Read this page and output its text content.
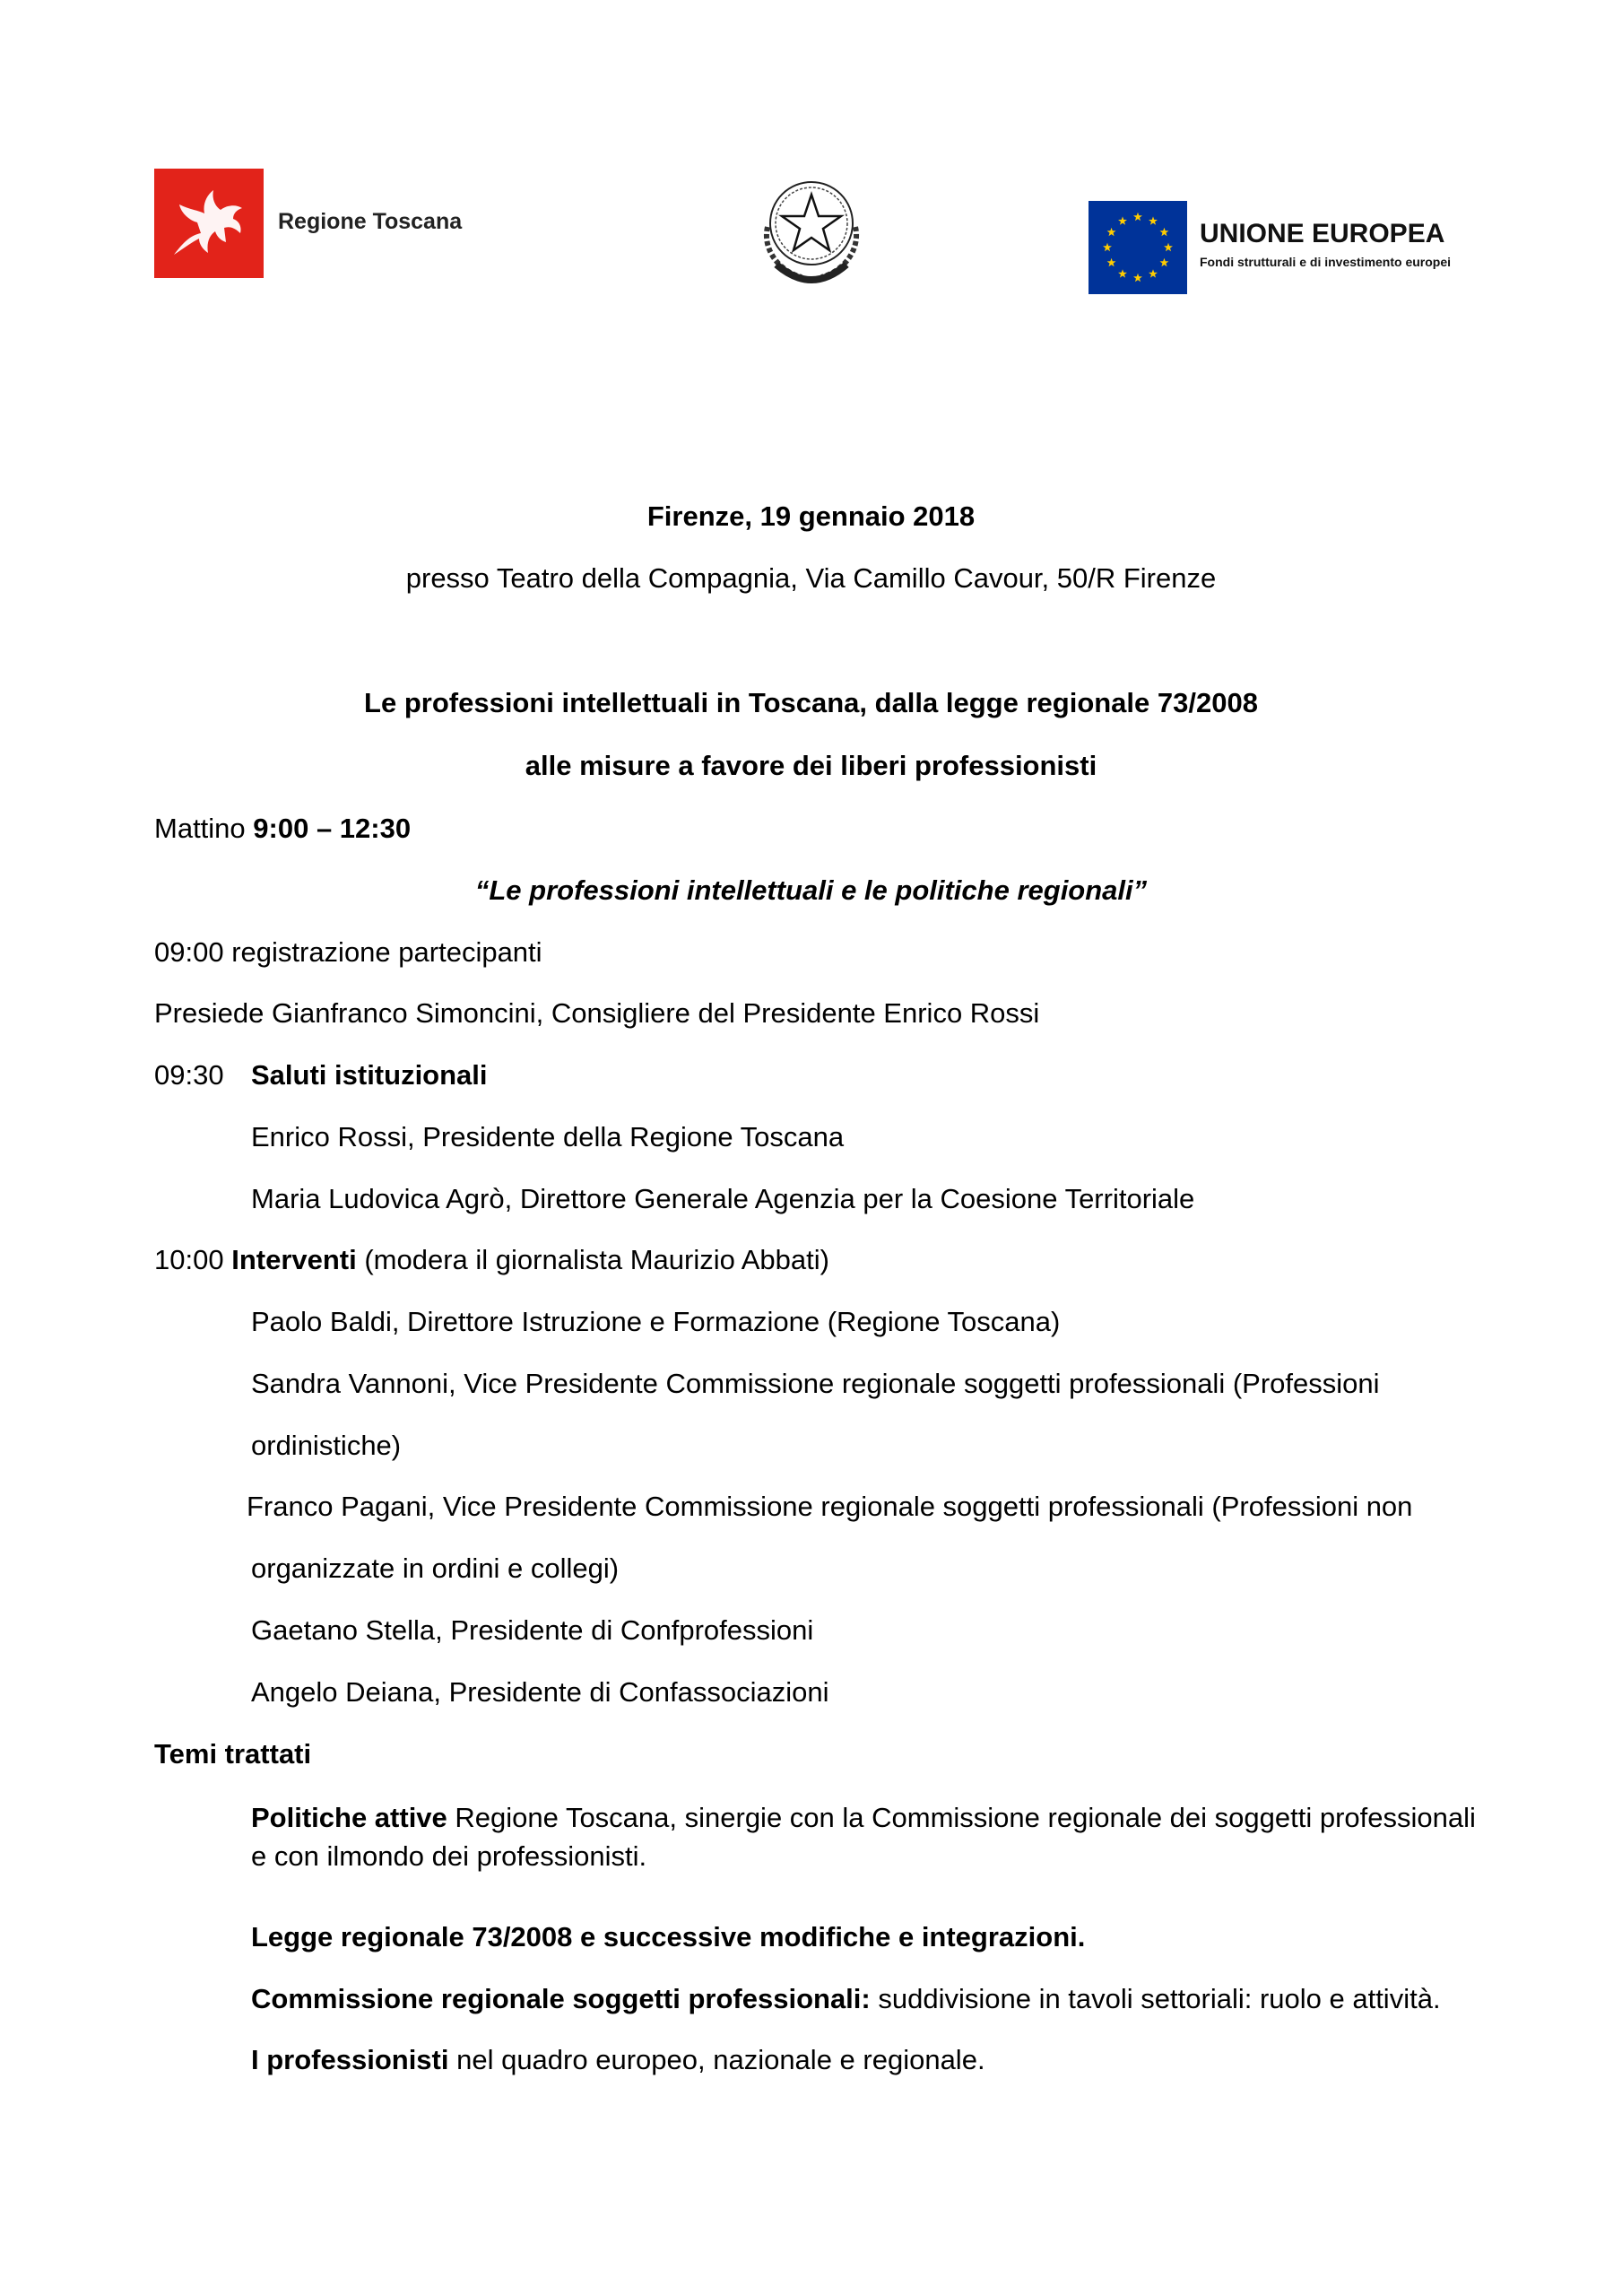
Regione Toscana	UNIONE EUROPEA
Fondi strutturali e di investimento europei
Firenze, 19 gennaio 2018
presso Teatro della Compagnia, Via Camillo Cavour, 50/R Firenze
Le professioni intellettuali in Toscana, dalla legge regionale 73/2008
alle misure a favore dei liberi professionisti
Mattino 9:00 – 12:30
“Le professioni intellettuali e le politiche regionali”
09:00 registrazione partecipanti
Presiede Gianfranco Simoncini, Consigliere del Presidente Enrico Rossi
09:30 Saluti istituzionali
Enrico Rossi, Presidente della Regione Toscana
Maria Ludovica Agrò, Direttore Generale Agenzia per la Coesione Territoriale
10:00 Interventi (modera il giornalista Maurizio Abbati)
Paolo Baldi, Direttore Istruzione e Formazione (Regione Toscana)
Sandra Vannoni, Vice Presidente Commissione regionale soggetti professionali (Professioni
ordinistiche)
Franco Pagani, Vice Presidente Commissione regionale soggetti professionali (Professioni non
organizzate in ordini e collegi)
Gaetano Stella, Presidente di Confprofessioni
Angelo Deiana, Presidente di Confassociazioni
Temi trattati
Politiche attive Regione Toscana, sinergie con la Commissione regionale dei soggetti professionali e con ilmondo dei professionisti.
Legge regionale 73/2008 e successive modifiche e integrazioni.
Commissione regionale soggetti professionali: suddivisione in tavoli settoriali: ruolo e attività.
I professionisti nel quadro europeo, nazionale e regionale.
